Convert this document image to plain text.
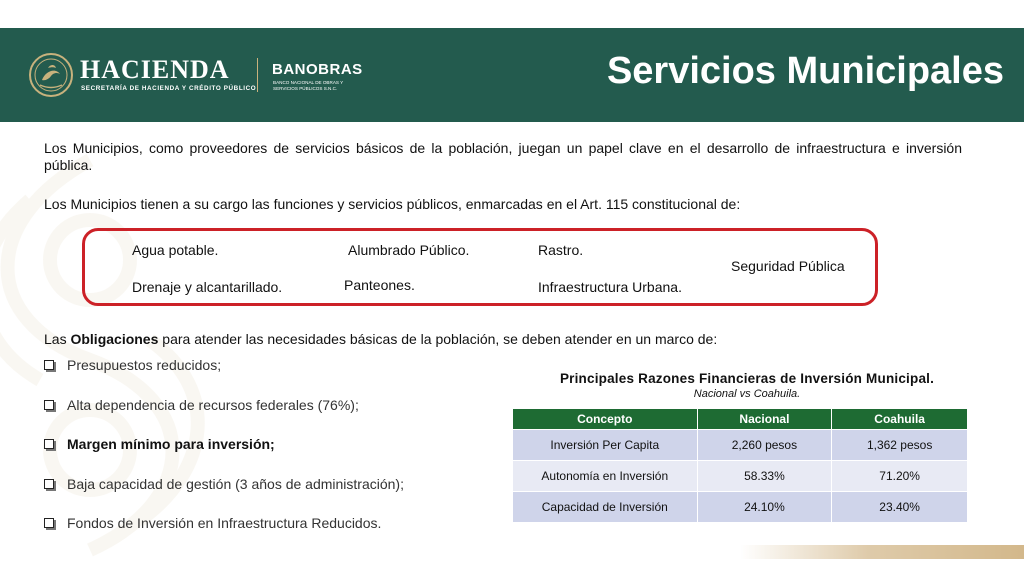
HACIENDA
SECRETARÍA DE HACIENDA Y CRÉDITO PÚBLICO
BANOBRAS
BANCO NACIONAL DE OBRAS Y SERVICIOS PÚBLICOS S.N.C.	Servicios Municipales

Los Municipios, como proveedores de servicios básicos de la población, juegan un papel clave en el desarrollo de infraestructura e inversión pública.

Los Municipios tienen a su cargo las funciones y servicios públicos, enmarcadas en el Art. 115 constitucional de:

Agua potable.	Alumbrado Público.	Rastro.
Seguridad Pública
Drenaje y alcantarillado.	Panteones.	Infraestructura Urbana.

Las Obligaciones para atender las necesidades básicas de la población, se deben atender en un marco de:

Presupuestos reducidos;
Alta dependencia de recursos federales (76%);
Margen mínimo para inversión;
Baja capacidad de gestión (3 años de administración);
Fondos de Inversión en Infraestructura Reducidos.
Principales Razones Financieras de Inversión Municipal.
Nacional vs Coahuila.
Concepto	Nacional	Coahuila
Inversión Per Capita	2,260 pesos	1,362 pesos
Autonomía en Inversión	58.33%	71.20%
Capacidad de Inversión	24.10%	23.40%
